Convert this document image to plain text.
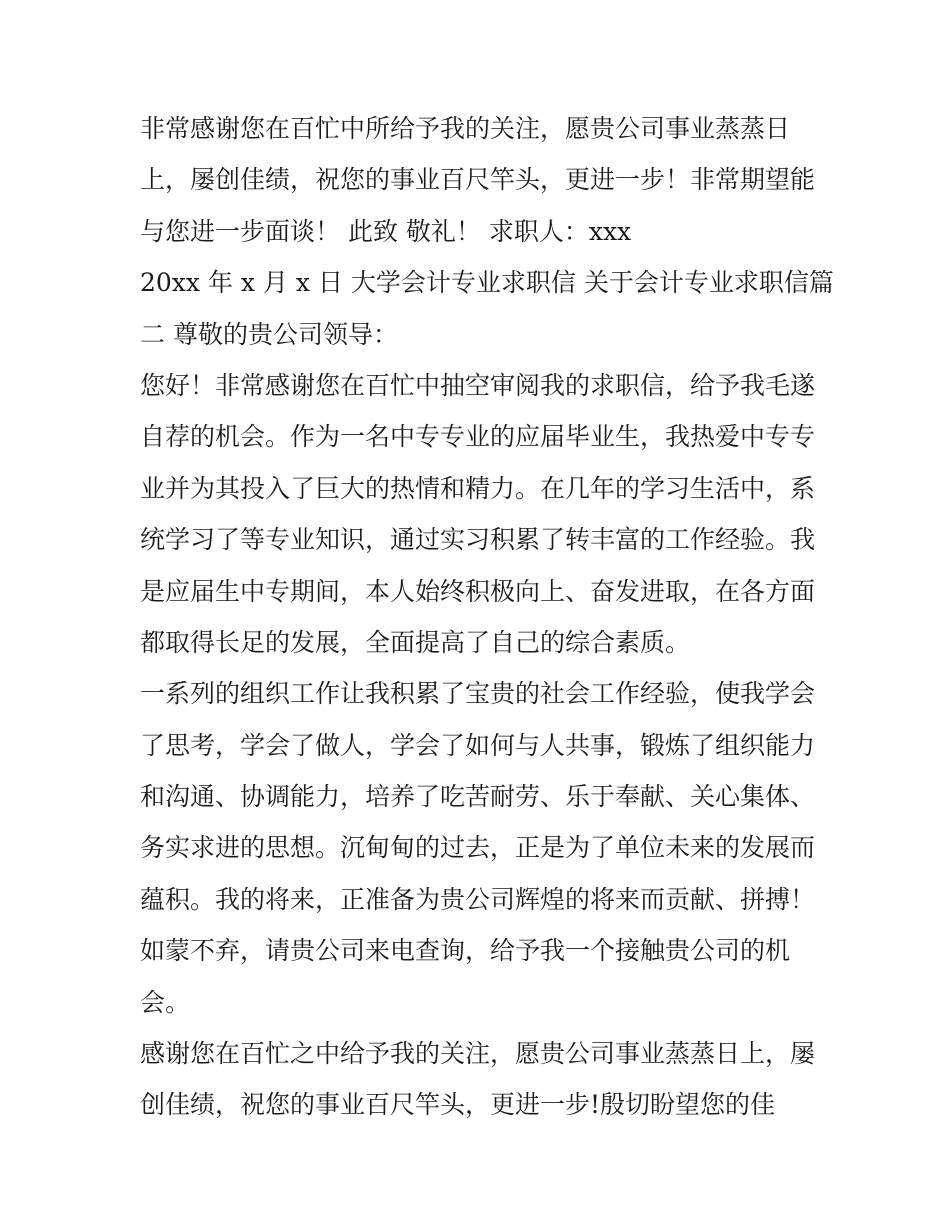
非常感谢您在百忙中所给予我的关注，愿贵公司事业蒸蒸日
上，屡创佳绩，祝您的事业百尺竿头，更进一步！非常期望能
与您进一步面谈！ 此致 敬礼！ 求职人：xxx
20xx 年 x 月 x 日 大学会计专业求职信 关于会计专业求职信篇
二 尊敬的贵公司领导：
您好！非常感谢您在百忙中抽空审阅我的求职信，给予我毛遂
自荐的机会。作为一名中专专业的应届毕业生，我热爱中专专
业并为其投入了巨大的热情和精力。在几年的学习生活中，系
统学习了等专业知识，通过实习积累了转丰富的工作经验。我
是应届生中专期间，本人始终积极向上、奋发进取，在各方面
都取得长足的发展，全面提高了自己的综合素质。
一系列的组织工作让我积累了宝贵的社会工作经验，使我学会
了思考，学会了做人，学会了如何与人共事，锻炼了组织能力
和沟通、协调能力，培养了吃苦耐劳、乐于奉献、关心集体、
务实求进的思想。沉甸甸的过去，正是为了单位未来的发展而
蕴积。我的将来，正准备为贵公司辉煌的将来而贡献、拼搏！
如蒙不弃，请贵公司来电查询，给予我一个接触贵公司的机
会。
感谢您在百忙之中给予我的关注，愿贵公司事业蒸蒸日上，屡
创佳绩，祝您的事业百尺竿头，更进一步!殷切盼望您的佳
